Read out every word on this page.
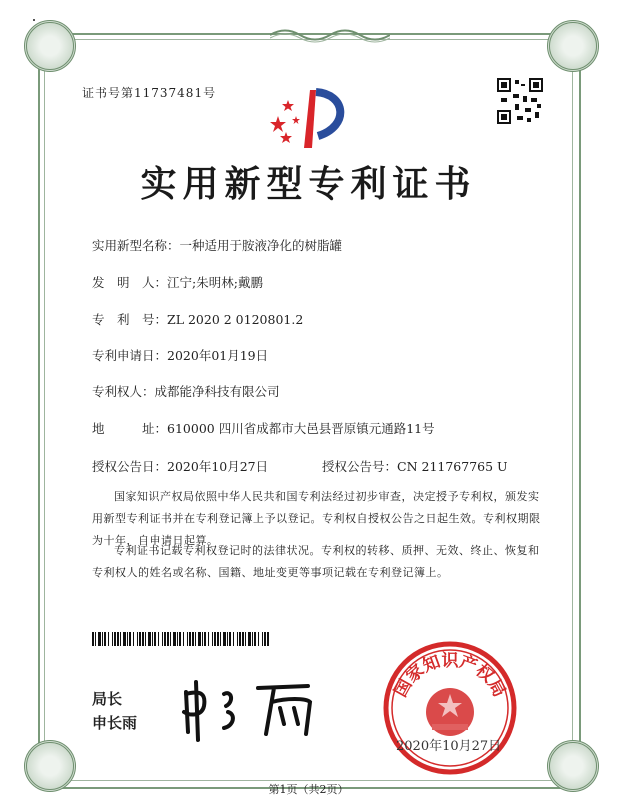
证书号第11737481号
实用新型专利证书
实用新型名称：一种适用于胺液净化的树脂罐
发　明　人：江宁;朱明林;戴鹏
专　利　号：ZL 2020 2 0120801.2
专利申请日：2020年01月19日
专利权人：成都能净科技有限公司
地　　　址：610000 四川省成都市大邑县晋原镇元通路11号
授权公告日：2020年10月27日	授权公告号：CN 211767765 U
国家知识产权局依照中华人民共和国专利法经过初步审查，决定授予专利权，颁发实用新型专利证书并在专利登记簿上予以登记。专利权自授权公告之日起生效。专利权期限为十年，自申请日起算。
专利证书记载专利权登记时的法律状况。专利权的转移、质押、无效、终止、恢复和专利权人的姓名或名称、国籍、地址变更等事项记载在专利登记簿上。
局长
申长雨
国家知识产权局
2020年10月27日
第1页（共2页）
